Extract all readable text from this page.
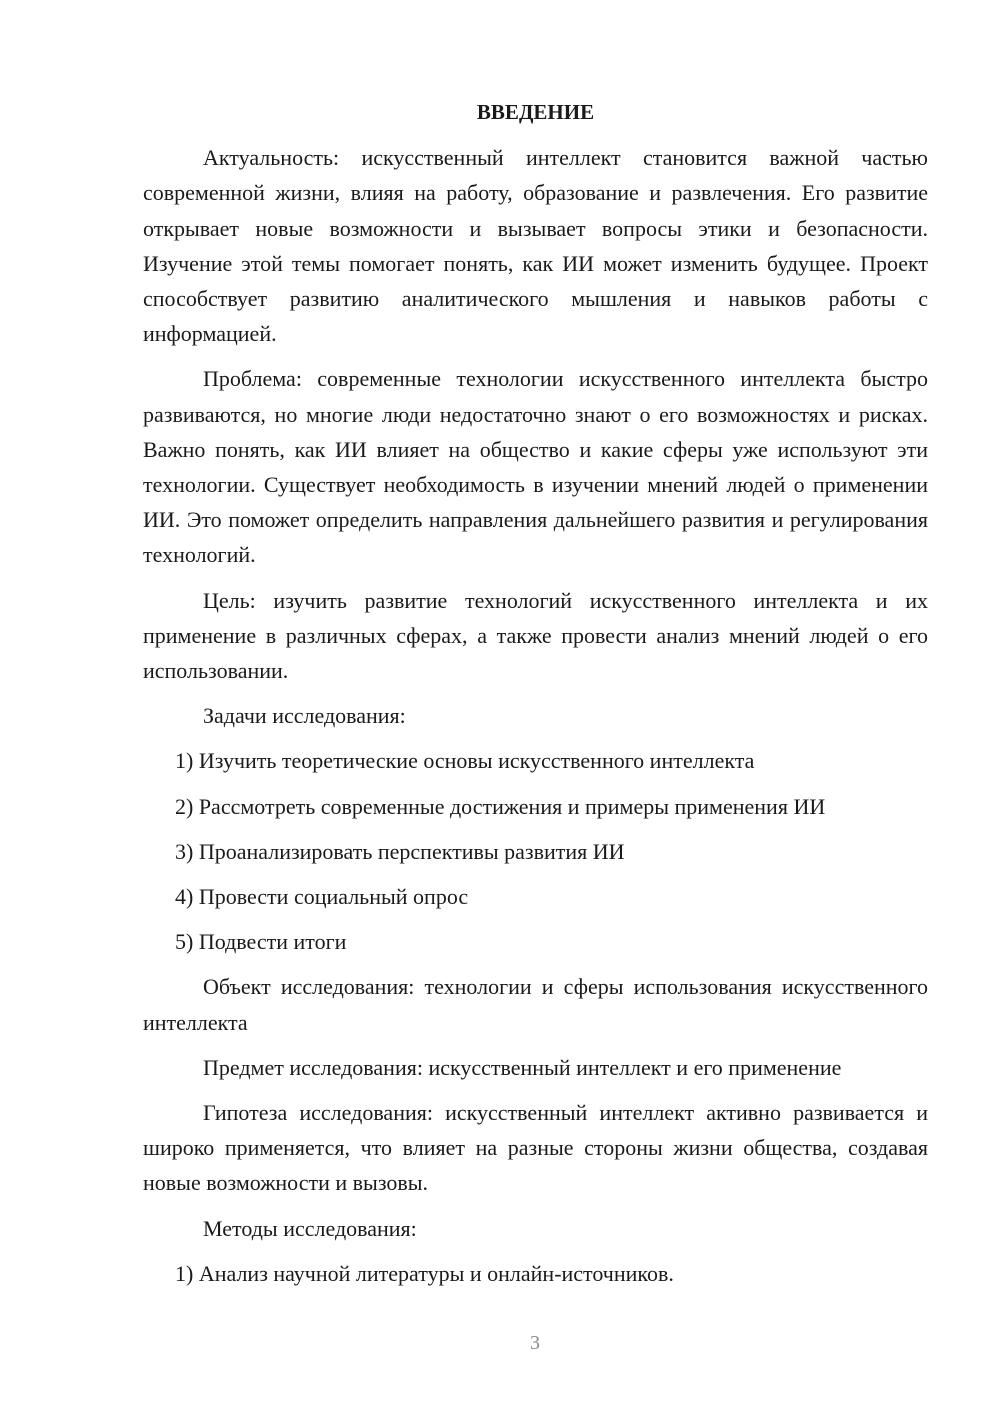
ВВЕДЕНИЕ

Актуальность: искусственный интеллект становится важной частью современной жизни, влияя на работу, образование и развлечения. Его развитие открывает новые возможности и вызывает вопросы этики и безопасности. Изучение этой темы помогает понять, как ИИ может изменить будущее. Проект способствует развитию аналитического мышления и навыков работы с информацией.

Проблема: современные технологии искусственного интеллекта быстро развиваются, но многие люди недостаточно знают о его возможностях и рисках. Важно понять, как ИИ влияет на общество и какие сферы уже используют эти технологии. Существует необходимость в изучении мнений людей о применении ИИ. Это поможет определить направления дальнейшего развития и регулирования технологий.

Цель: изучить развитие технологий искусственного интеллекта и их применение в различных сферах, а также провести анализ мнений людей о его использовании.

Задачи исследования:
1) Изучить теоретические основы искусственного интеллекта
2) Рассмотреть современные достижения и примеры применения ИИ
3) Проанализировать перспективы развития ИИ
4) Провести социальный опрос
5) Подвести итоги

Объект исследования: технологии и сферы использования искусственного интеллекта

Предмет исследования: искусственный интеллект и его применение

Гипотеза исследования: искусственный интеллект активно развивается и широко применяется, что влияет на разные стороны жизни общества, создавая новые возможности и вызовы.

Методы исследования:
1) Анализ научной литературы и онлайн-источников.
3
